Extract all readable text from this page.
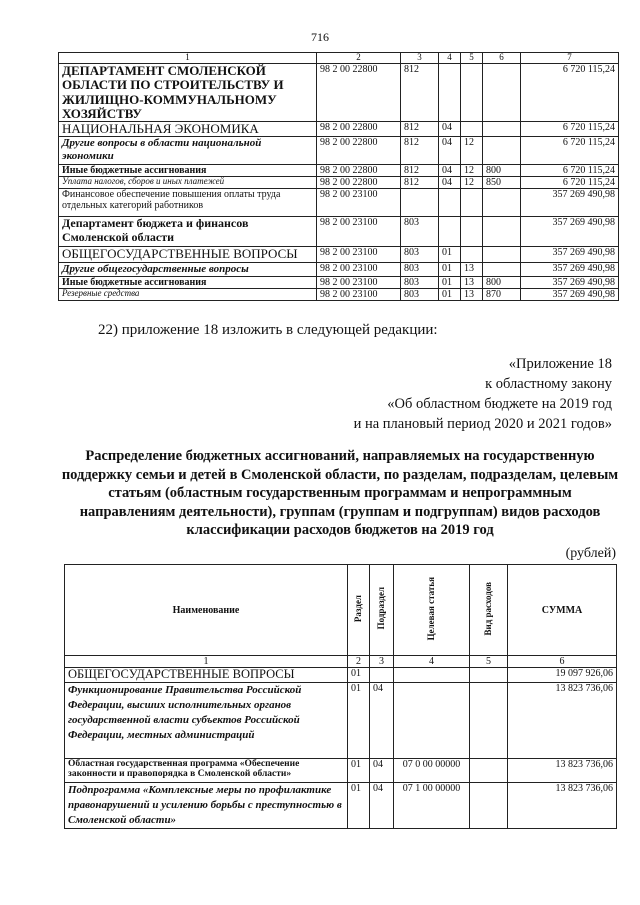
716
1	2	3	4	5	6	7
ДЕПАРТАМЕНТ СМОЛЕНСКОЙ ОБЛАСТИ ПО СТРОИТЕЛЬСТВУ И ЖИЛИЩНО-КОММУНАЛЬНОМУ ХОЗЯЙСТВУ	98 2 00 22800	812				6 720 115,24
НАЦИОНАЛЬНАЯ ЭКОНОМИКА	98 2 00 22800	812	04			6 720 115,24
Другие вопросы в области национальной экономики	98 2 00 22800	812	04	12		6 720 115,24
Иные бюджетные ассигнования	98 2 00 22800	812	04	12	800	6 720 115,24
Уплата налогов, сборов и иных платежей	98 2 00 22800	812	04	12	850	6 720 115,24
Финансовое обеспечение повышения оплаты труда отдельных категорий работников	98 2 00 23100					357 269 490,98
Департамент бюджета и финансов Смоленской области	98 2 00 23100	803				357 269 490,98
ОБЩЕГОСУДАРСТВЕННЫЕ ВОПРОСЫ	98 2 00 23100	803	01			357 269 490,98
Другие общегосударственные вопросы	98 2 00 23100	803	01	13		357 269 490,98
Иные бюджетные ассигнования	98 2 00 23100	803	01	13	800	357 269 490,98
Резервные средства	98 2 00 23100	803	01	13	870	357 269 490,98
22) приложение 18 изложить в следующей редакции:
«Приложение 18
к областному закону
«Об областном бюджете на 2019 год
и на плановый период 2020 и 2021 годов»
Распределение бюджетных ассигнований, направляемых на государственную поддержку семьи и детей в Смоленской области, по разделам, подразделам, целевым статьям (областным государственным программам и непрограммным направлениям деятельности), группам (группам и подгруппам) видов расходов классификации расходов бюджетов на 2019 год
(рублей)
Наименование	Раздел	Подраздел	Целевая статья	Вид расходов	СУММА
1	2	3	4	5	6
ОБЩЕГОСУДАРСТВЕННЫЕ ВОПРОСЫ	01				19 097 926,06
Функционирование Правительства Российской Федерации, высших исполнительных органов государственной власти субъектов Российской Федерации, местных администраций	01	04			13 823 736,06
Областная государственная программа «Обеспечение законности и правопорядка в Смоленской области»	01	04	07 0 00 00000		13 823 736,06
Подпрограмма «Комплексные меры по профилактике правонарушений и усилению борьбы с преступностью в Смоленской области»	01	04	07 1 00 00000		13 823 736,06
